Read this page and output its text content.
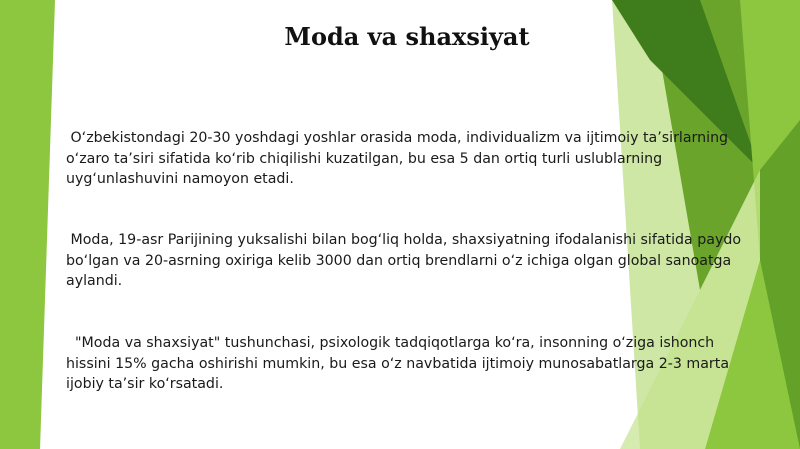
Moda va shaxsiyat

O‘zbekistondagi 20-30 yoshdagi yoshlar orasida moda, individualizm va ijtimoiy ta’sirlarning o‘zaro ta’siri sifatida ko‘rib chiqilishi kuzatilgan, bu esa 5 dan ortiq turli uslublarning uyg‘unlashuvini namoyon etadi.

Moda, 19-asr Parijining yuksalishi bilan bog‘liq holda, shaxsiyatning ifodalanishi sifatida paydo bo‘lgan va 20-asrning oxiriga kelib 3000 dan ortiq brendlarni o‘z ichiga olgan global sanoatga aylandi.

"Moda va shaxsiyat" tushunchasi, psixologik tadqiqotlarga ko‘ra, insonning o‘ziga ishonch hissini 15% gacha oshirishi mumkin, bu esa o‘z navbatida ijtimoiy munosabatlarga 2-3 marta ijobiy ta’sir ko‘rsatadi.
